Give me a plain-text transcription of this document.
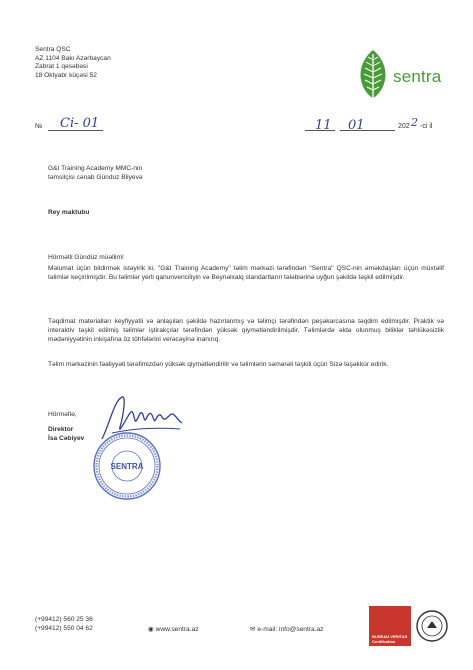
Sentra QSC
AZ 1104 Bakı Azərbaycan
Zabrat 1 qəsəbəsi
18 Oktyabr küçəsi 52	sentra
№ Ci- 01	11 01	202 2 -ci il
G&I Training Academy MMC-nin
təmsilçisi cənab Günduz Bliyevə
Rey maktubu
Hörmətli Gündüz müəllim!
Məlumat üçün bildirmək istəyirik ki, "G&I Training Academy" təlim mərkəzi tərəfindən "Sentra" QSC-nin əməkdaşları üçün müxtəlif təlimlər keçirilmişdir. Bu təlimlər yerli qanunvericiliyin və Beynəlxalq standartların tələblərinə uyğun şəkildə təşkil edilmişdir.
Təqdimat materialları keyfiyyətli və anlaşılan şəkildə hazırlanmış və təlimçi tərəfindən peşəkarcasına təqdim edilmişdir. Praktik və interaktiv təşkil edilmiş təlimlər iştirakçılar tərəfindən yüksək qiymətləndirilmişdir. Təlimlərdə əldə olunmuş biliklər təhlükəsizlik mədəniyyətinin inkişafına öz töhfələrini verəcəyinə inanırıq.
Təlim mərkəzinin fəaliyyəti tərəfimizdən yüksək qiymətləndirilir və təlimlərin səmərəli təşkili üçün Sizə təşəkkür edirik.
Hörmətlə,
Direktor
İsa Cəbiyev
SENTRA
(+99412) 560 25 36
(+99412) 550 04 62	◉ www.sentra.az	✉ e-mail: info@sentra.az
BUREAU VERITAS
Certification
